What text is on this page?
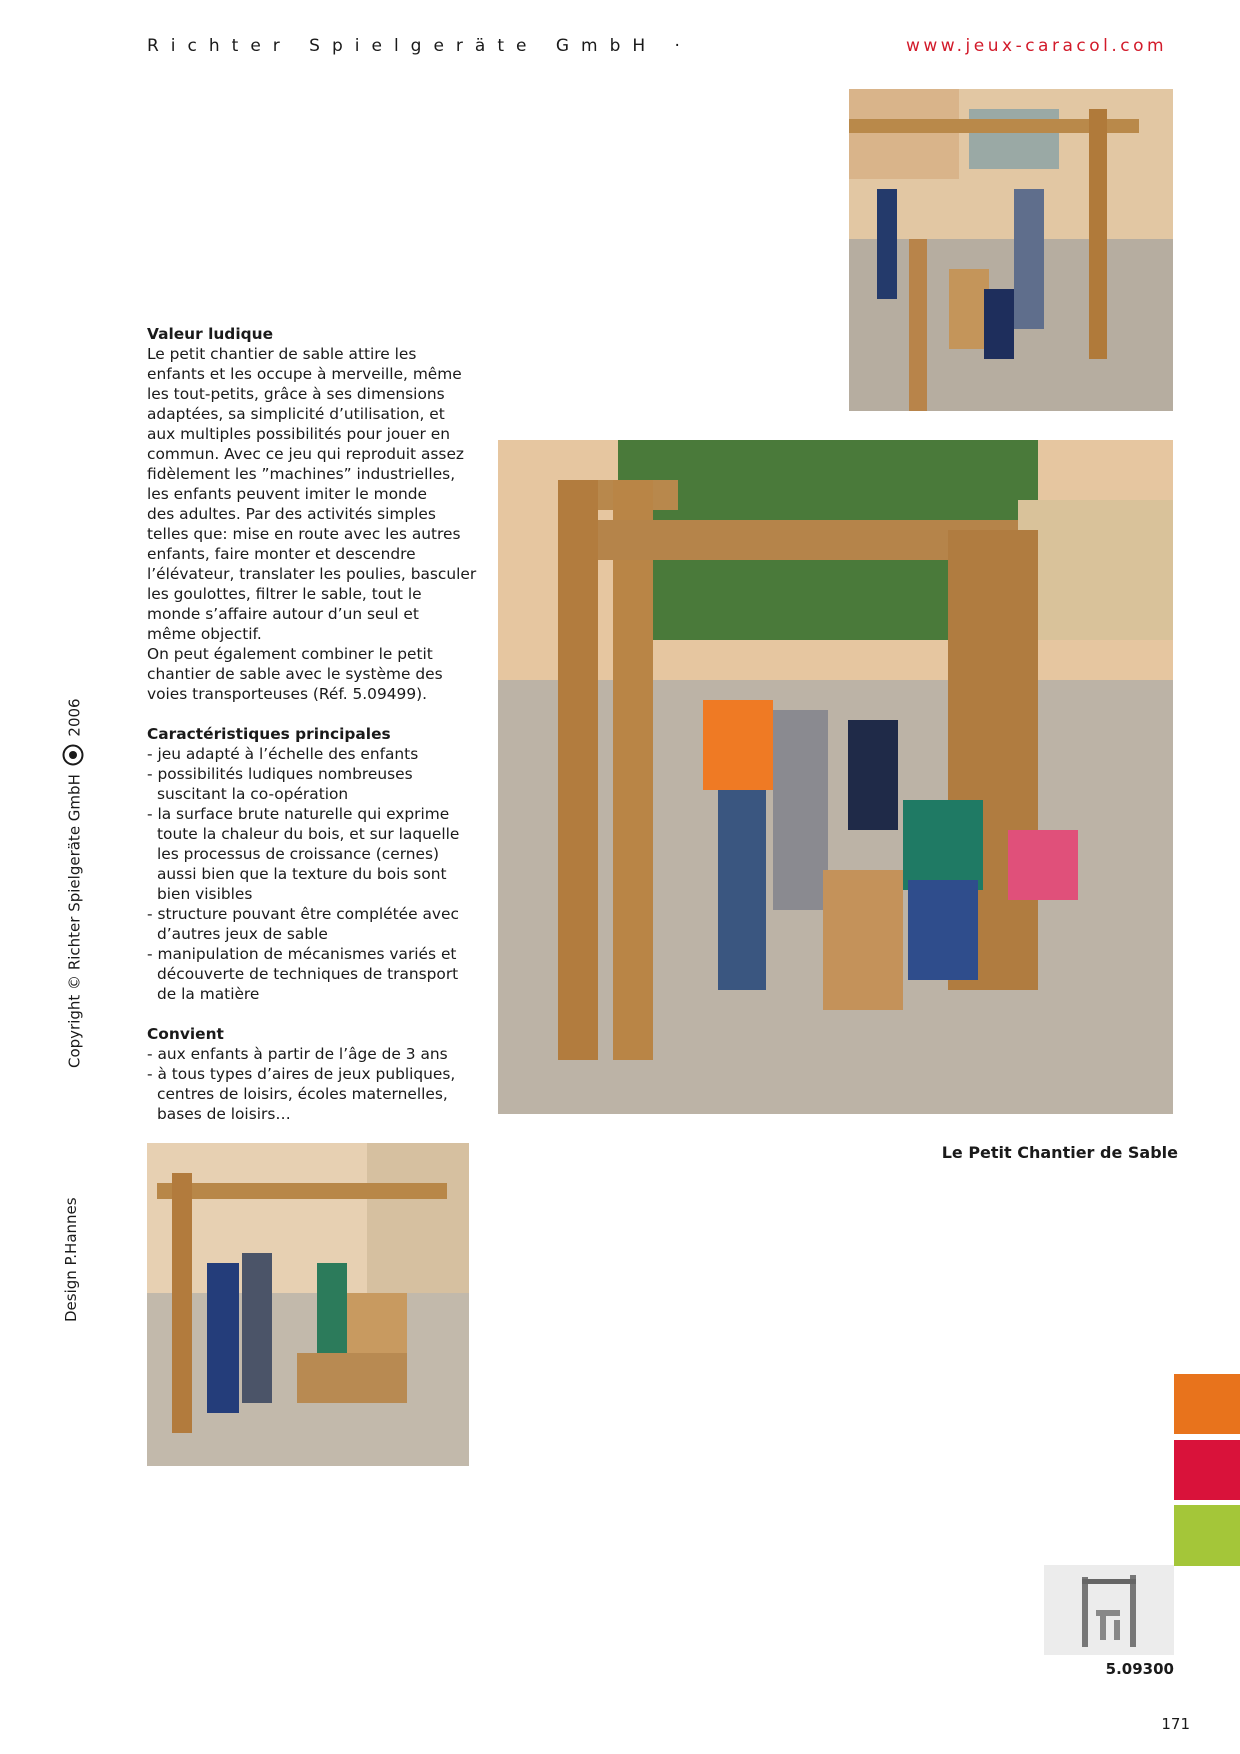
Richter Spielgeräte GmbH ·	www.jeux-caracol.com
Valeur ludique

Le petit chantier de sable attire les
enfants et les occupe à merveille, même
les tout-petits, grâce à ses dimensions
adaptées, sa simplicité d’utilisation, et
aux multiples possibilités pour jouer en
commun. Avec ce jeu qui reproduit assez
fidèlement les ”machines” industrielles,
les enfants peuvent imiter le monde
des adultes. Par des activités simples
telles que: mise en route avec les autres
enfants, faire monter et descendre
l’élévateur, translater les poulies, basculer
les goulottes, filtrer le sable, tout le
monde s’affaire autour d’un seul et
même objectif.
On peut également combiner le petit
chantier de sable avec le système des
voies transporteuses (Réf. 5.09499).

Caractéristiques principales
- jeu adapté à l’échelle des enfants
- possibilités ludiques nombreuses suscitant la co-opération
- la surface brute naturelle qui exprime toute la chaleur du bois, et sur laquelle les processus de croissance (cernes) aussi bien que la texture du bois sont bien visibles
- structure pouvant être complétée avec d’autres jeux de sable
- manipulation de mécanismes variés et découverte de techniques de transport de la matière
Convient
- aux enfants à partir de l’âge de 3 ans
- à tous types d’aires de jeux publiques, centres de loisirs, écoles maternelles, bases de loisirs…
Copyright © Richter Spielgeräte GmbH  2006
Design P.Hannes
Le Petit Chantier de Sable
5.09300
171
